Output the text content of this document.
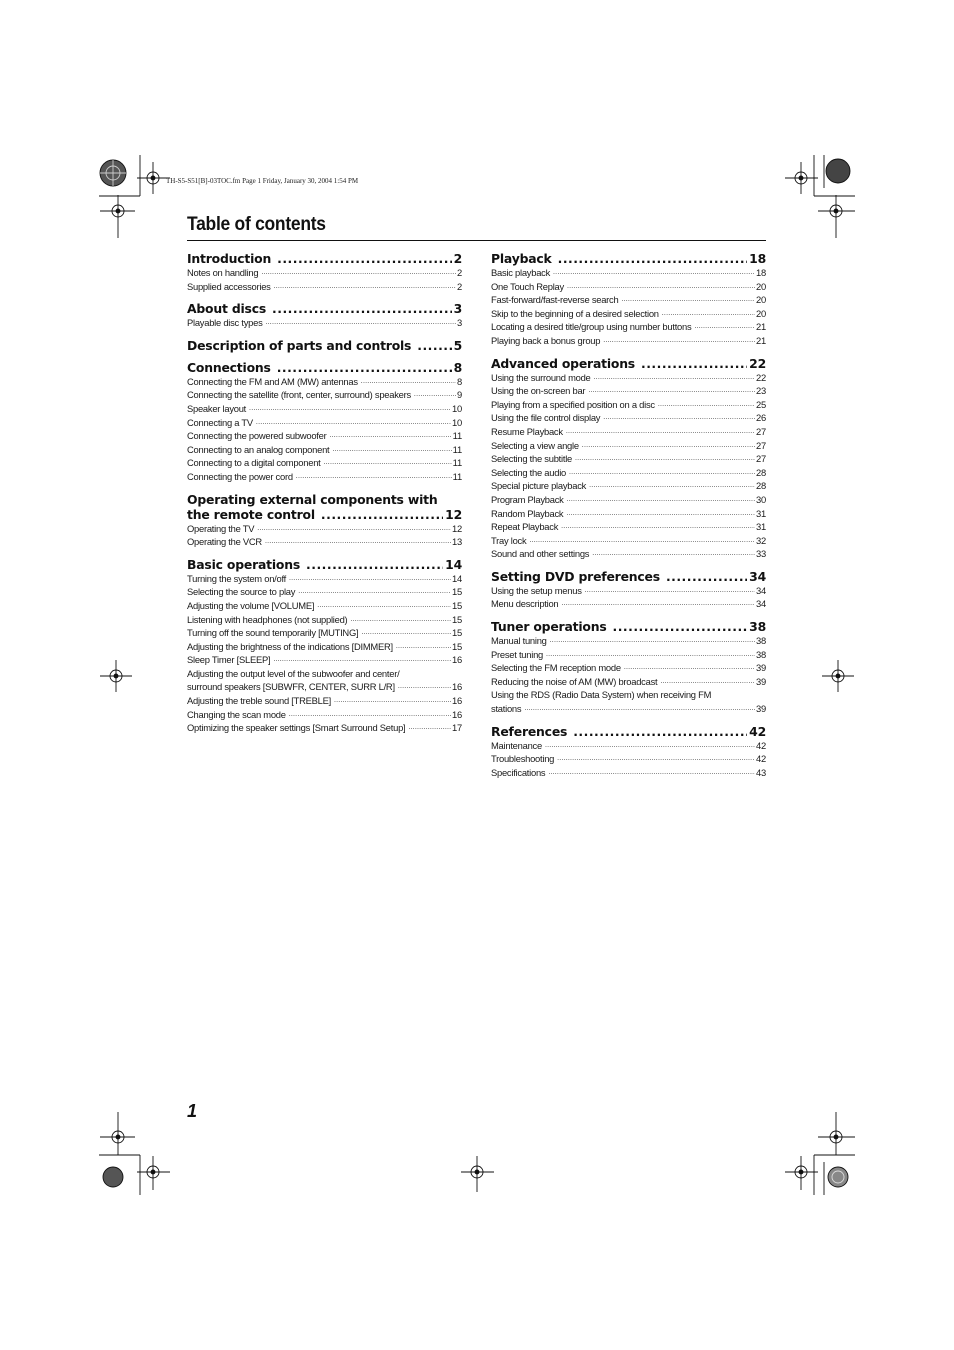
TH-S5-S51[B]-03TOC.fm Page 1 Friday, January 30, 2004 1:54 PM
Table of contents
Introduction .....	2
Notes on handling .....	2
Supplied accessories .....	2
About discs .....	3
Playable disc types .....	3
Description of parts and controls .....	5
Connections .....	8
Connecting the FM and AM (MW) antennas .....	8
Connecting the satellite (front, center, surround) speakers .....	9
Speaker layout .....	10
Connecting a TV .....	10
Connecting the powered subwoofer .....	11
Connecting to an analog component .....	11
Connecting to a digital component .....	11
Connecting the power cord .....	11
Operating external components with
the remote control .....	12
Operating the TV .....	12
Operating the VCR .....	13
Basic operations .....	14
Turning the system on/off .....	14
Selecting the source to play .....	15
Adjusting the volume [VOLUME] .....	15
Listening with headphones (not supplied) .....	15
Turning off the sound temporarily [MUTING] .....	15
Adjusting the brightness of the indications [DIMMER] .....	15
Sleep Timer [SLEEP] .....	16
Adjusting the output level of the subwoofer and center/
surround speakers [SUBWFR, CENTER, SURR L/R] .....	16
Adjusting the treble sound [TREBLE] .....	16
Changing the scan mode .....	16
Optimizing the speaker settings [Smart Surround Setup] .....	17
Playback .....	18
Basic playback .....	18
One Touch Replay .....	20
Fast-forward/fast-reverse search .....	20
Skip to the beginning of a desired selection .....	20
Locating a desired title/group using number buttons .....	21
Playing back a bonus group .....	21
Advanced operations .....	22
Using the surround mode .....	22
Using the on-screen bar .....	23
Playing from a specified position on a disc .....	25
Using the file control display .....	26
Resume Playback .....	27
Selecting a view angle .....	27
Selecting the subtitle .....	27
Selecting the audio .....	28
Special picture playback .....	28
Program Playback .....	30
Random Playback .....	31
Repeat Playback .....	31
Tray lock .....	32
Sound and other settings .....	33
Setting DVD preferences .....	34
Using the setup menus .....	34
Menu description .....	34
Tuner operations .....	38
Manual tuning .....	38
Preset tuning .....	38
Selecting the FM reception mode .....	39
Reducing the noise of AM (MW) broadcast .....	39
Using the RDS (Radio Data System) when receiving FM
stations .....	39
References .....	42
Maintenance .....	42
Troubleshooting .....	42
Specifications .....	43
1
